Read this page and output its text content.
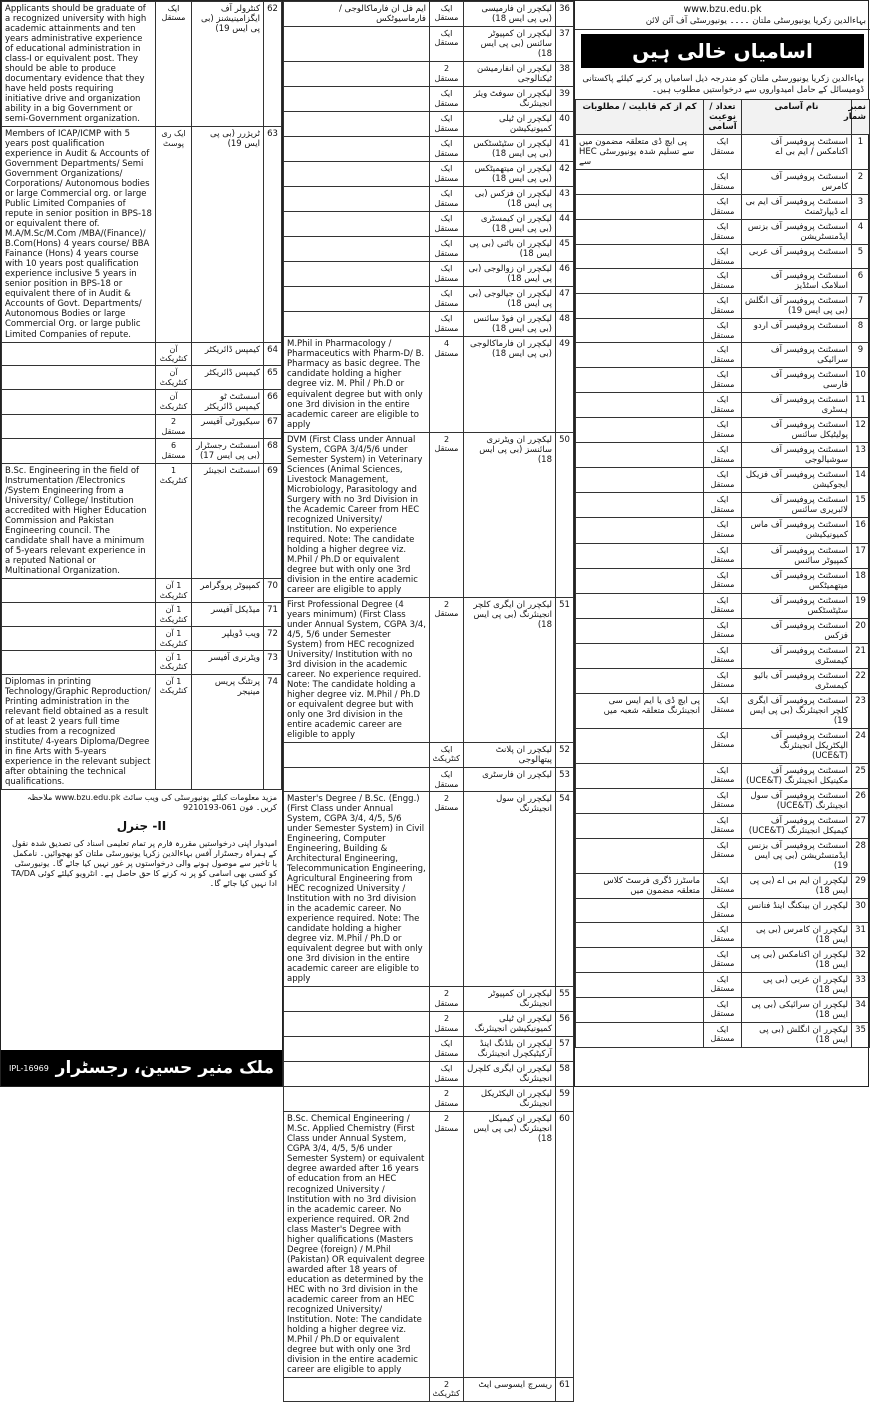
www.bzu.edu.pk
بہاءالدین زکریا یونیورسٹی ملتان ۔۔۔۔ یونیورسٹی آف آئن لائن
اسامیاں خالی ہیں
بہاءالدین زکریا یونیورسٹی ملتان کو مندرجہ ذیل اسامیاں پر کرنے کیلئے پاکستانی ڈومیسائل کے حامل امیدواروں سے درخواستیں مطلوب ہیں۔
نمبر شمار	نام آسامی	تعداد / نوعیت آسامی	کم از کم قابلیت / مطلوبات
1	اسسٹنٹ پروفیسر آف اکنامکس / ایم بی اے	ایک مستقل	پی ایچ ڈی متعلقہ مضمون میں HEC سے تسلیم شدہ یونیورسٹی سے
2	اسسٹنٹ پروفیسر آف کامرس	ایک مستقل	
3	اسسٹنٹ پروفیسر آف ایم بی اے ڈیپارٹمنٹ	ایک مستقل	
4	اسسٹنٹ پروفیسر آف بزنس ایڈمنسٹریشن	ایک مستقل	
5	اسسٹنٹ پروفیسر آف عربی	ایک مستقل	
6	اسسٹنٹ پروفیسر آف اسلامک اسٹڈیز	ایک مستقل	
7	اسسٹنٹ پروفیسر آف انگلش (بی پی ایس 19)	ایک مستقل	
8	اسسٹنٹ پروفیسر آف اردو	ایک مستقل	
9	اسسٹنٹ پروفیسر آف سرائیکی	ایک مستقل	
10	اسسٹنٹ پروفیسر آف فارسی	ایک مستقل	
11	اسسٹنٹ پروفیسر آف ہسٹری	ایک مستقل	
12	اسسٹنٹ پروفیسر آف پولیٹیکل سائنس	ایک مستقل	
13	اسسٹنٹ پروفیسر آف سوشیالوجی	ایک مستقل	
14	اسسٹنٹ پروفیسر آف فزیکل ایجوکیشن	ایک مستقل	
15	اسسٹنٹ پروفیسر آف لائبریری سائنس	ایک مستقل	
16	اسسٹنٹ پروفیسر آف ماس کمیونیکیشن	ایک مستقل	
17	اسسٹنٹ پروفیسر آف کمپیوٹر سائنس	ایک مستقل	
18	اسسٹنٹ پروفیسر آف میتھمیٹکس	ایک مستقل	
19	اسسٹنٹ پروفیسر آف سٹیٹسٹکس	ایک مستقل	
20	اسسٹنٹ پروفیسر آف فزکس	ایک مستقل	
21	اسسٹنٹ پروفیسر آف کیمسٹری	ایک مستقل	
22	اسسٹنٹ پروفیسر آف بائیو کیمسٹری	ایک مستقل	
23	اسسٹنٹ پروفیسر آف ایگری کلچر انجینئرنگ (بی پی ایس 19)	ایک مستقل	پی ایچ ڈی یا ایم ایس سی انجینئرنگ متعلقہ شعبہ میں
24	اسسٹنٹ پروفیسر آف الیکٹریکل انجینئرنگ (UCE&T)	ایک مستقل	
25	اسسٹنٹ پروفیسر آف مکینیکل انجینئرنگ (UCE&T)	ایک مستقل	
26	اسسٹنٹ پروفیسر آف سول انجینئرنگ (UCE&T)	ایک مستقل	
27	اسسٹنٹ پروفیسر آف کیمیکل انجینئرنگ (UCE&T)	ایک مستقل	
28	اسسٹنٹ پروفیسر آف بزنس ایڈمنسٹریشن (بی پی ایس 19)	ایک مستقل	
29	لیکچرر ان ایم بی اے (بی پی ایس 18)	ایک مستقل	ماسٹرز ڈگری فرسٹ کلاس متعلقہ مضمون میں
30	لیکچرر ان بینکنگ اینڈ فنانس	ایک مستقل	
31	لیکچرر ان کامرس (بی پی ایس 18)	ایک مستقل	
32	لیکچرر ان اکنامکس (بی پی ایس 18)	ایک مستقل	
33	لیکچرر ان عربی (بی پی ایس 18)	ایک مستقل	
34	لیکچرر ان سرائیکی (بی پی ایس 18)	ایک مستقل	
35	لیکچرر ان انگلش (بی پی ایس 18)	ایک مستقل	
36	لیکچرر ان فارمیسی (بی پی ایس 18)	ایک مستقل	ایم فل ان فارماکالوجی / فارماسیوٹکس
37	لیکچرر ان کمپیوٹر سائنس (بی پی ایس 18)	ایک مستقل	
38	لیکچرر ان انفارمیشن ٹیکنالوجی	2 مستقل	
39	لیکچرر ان سوفٹ ویئر انجینئرنگ	ایک مستقل	
40	لیکچرر ان ٹیلی کمیونیکیشن	ایک مستقل	
41	لیکچرر ان سٹیٹسٹکس (بی پی ایس 18)	ایک مستقل	
42	لیکچرر ان میتھمیٹکس (بی پی ایس 18)	ایک مستقل	
43	لیکچرر ان فزکس (بی پی ایس 18)	ایک مستقل	
44	لیکچرر ان کیمسٹری (بی پی ایس 18)	ایک مستقل	
45	لیکچرر ان باٹنی (بی پی ایس 18)	ایک مستقل	
46	لیکچرر ان زوالوجی (بی پی ایس 18)	ایک مستقل	
47	لیکچرر ان جیالوجی (بی پی ایس 18)	ایک مستقل	
48	لیکچرر ان فوڈ سائنس (بی پی ایس 18)	ایک مستقل	
49	لیکچرر ان فارماکالوجی (بی پی ایس 18)	4 مستقل	M.Phil in Pharmacology / Pharmaceutics with Pharm-D/ B. Pharmacy as basic degree. The candidate holding a higher degree viz. M. Phil / Ph.D or equivalent degree but with only one 3rd division in the entire academic career are eligible to apply
50	لیکچرر ان ویٹرنری سائنسز (بی پی ایس 18)	2 مستقل	DVM (First Class under Annual System, CGPA 3/4/5/6 under Semester System) in Veterinary Sciences (Animal Sciences, Livestock Management, Microbiology, Parasitology and Surgery with no 3rd Division in the Academic Career from HEC recognized University/ Institution. No experience required. Note: The candidate holding a higher degree viz. M.Phil / Ph.D or equivalent degree but with only one 3rd division in the entire academic career are eligible to apply
51	لیکچرر ان ایگری کلچر انجینئرنگ (بی پی ایس 18)	2 مستقل	First Professional Degree (4 years minimum) (First Class under Annual System, CGPA 3/4, 4/5, 5/6 under Semester System) from HEC recognized University/ Institution with no 3rd division in the academic career. No experience required. Note: The candidate holding a higher degree viz. M.Phil / Ph.D or equivalent degree but with only one 3rd division in the entire academic career are eligible to apply
52	لیکچرر ان پلانٹ پیتھالوجی	ایک کنٹریکٹ	
53	لیکچرر ان فارسٹری	ایک مستقل	
54	لیکچرر ان سول انجینئرنگ	2 مستقل	Master's Degree / B.Sc. (Engg.) (First Class under Annual System, CGPA 3/4, 4/5, 5/6 under Semester System) in Civil Engineering, Computer Engineering, Building & Architectural Engineering, Telecommunication Engineering, Agricultural Engineering from HEC recognized University / Institution with no 3rd division in the academic career. No experience required. Note: The candidate holding a higher degree viz. M.Phil / Ph.D or equivalent degree but with only one 3rd division in the entire academic career are eligible to apply
55	لیکچرر ان کمپیوٹر انجینئرنگ	2 مستقل	
56	لیکچرر ان ٹیلی کمیونیکیشن انجینئرنگ	2 مستقل	
57	لیکچرر ان بلڈنگ اینڈ آرکیٹیکچرل انجینئرنگ	ایک مستقل	
58	لیکچرر ان ایگری کلچرل انجینئرنگ	ایک مستقل	
59	لیکچرر ان الیکٹریکل انجینئرنگ	2 مستقل	
60	لیکچرر ان کیمیکل انجینئرنگ (بی پی ایس 18)	2 مستقل	B.Sc. Chemical Engineering / M.Sc. Applied Chemistry (First Class under Annual System, CGPA 3/4, 4/5, 5/6 under Semester System) or equivalent degree awarded after 16 years of education from an HEC recognized University / Institution with no 3rd division in the academic career. No experience required. OR 2nd class Master's Degree with higher qualifications (Masters Degree (foreign) / M.Phil (Pakistan) OR equivalent degree awarded after 18 years of education as determined by the HEC with no 3rd division in the academic career from an HEC recognized University/ Institution. Note: The candidate holding a higher degree viz. M.Phil / Ph.D or equivalent degree but with only one 3rd division in the entire academic career are eligible to apply
61	ریسرچ ایسوسی ایٹ	2 کنٹریکٹ	
62	کنٹرولر آف ایگزامینیشنز (بی پی ایس 19)	ایک مستقل	Applicants should be graduate of a recognized university with high academic attainments and ten years administrative experience of educational administration in class-I or equivalent post. They should be able to produce documentary evidence that they have held posts requiring initiative drive and organization ability in a big Government or semi-Government organization.
63	ٹریژرر (بی پی ایس 19)	ایک ری پوسٹ	Members of ICAP/ICMP with 5 years post qualification experience in Audit & Accounts of Government Departments/ Semi Government Organizations/ Corporations/ Autonomous bodies or large Commercial org. or large Public Limited Companies of repute in senior position in BPS-18 or equivalent there of. M.A/M.Sc/M.Com /MBA/(Finance)/ B.Com(Hons) 4 years course/ BBA Fainance (Hons) 4 years course with 10 years post qualification experience inclusive 5 years in senior position in BPS-18 or equivalent there of in Audit & Accounts of Govt. Departments/ Autonomous Bodies or large Commercial Org. or large public Limited Companies of repute.
64	کیمپس ڈائریکٹر	آن کنٹریکٹ	
65	کیمپس ڈائریکٹر	آن کنٹریکٹ	
66	اسسٹنٹ ٹو کیمپس ڈائریکٹر	آن کنٹریکٹ	
67	سیکیورٹی آفیسر	2 مستقل	
68	اسسٹنٹ رجسٹرار (بی پی ایس 17)	6 مستقل	
69	اسسٹنٹ انجینئر	1 کنٹریکٹ	B.Sc. Engineering in the field of Instrumentation /Electronics /System Engineering from a University/ College/ Institution accredited with Higher Education Commission and Pakistan Engineering council. The candidate shall have a minimum of 5-years relevant experience in a reputed National or Multinational Organization.
70	کمپیوٹر پروگرامر	1 آن کنٹریکٹ	
71	میڈیکل آفیسر	1 آن کنٹریکٹ	
72	ویب ڈویلپر	1 آن کنٹریکٹ	
73	ویٹرنری آفیسر	1 آن کنٹریکٹ	
74	پرنٹنگ پریس مینیجر	1 آن کنٹریکٹ	Diplomas in printing Technology/Graphic Reproduction/ Printing administration in the relevant field obtained as a result of at least 2 years full time studies from a recognized institute/ 4-years Diploma/Degree in fine Arts with 5-years experience in the relevant subject after obtaining the technical qualifications.
مزید معلومات کیلئے یونیورسٹی کی ویب سائٹ www.bzu.edu.pk ملاحظہ کریں۔ فون 061-9210193
II- جنرل
امیدوار اپنی درخواستیں مقررہ فارم پر تمام تعلیمی اسناد کی تصدیق شدہ نقول کے ہمراہ رجسٹرار آفس بہاءالدین زکریا یونیورسٹی ملتان کو بھجوائیں۔ نامکمل یا تاخیر سے موصول ہونے والی درخواستوں پر غور نہیں کیا جائے گا۔ یونیورسٹی کو کسی بھی اسامی کو پر نہ کرنے کا حق حاصل ہے۔ انٹرویو کیلئے کوئی TA/DA ادا نہیں کیا جائے گا۔
IPL-16969 ملک منیر حسین، رجسٹرار
